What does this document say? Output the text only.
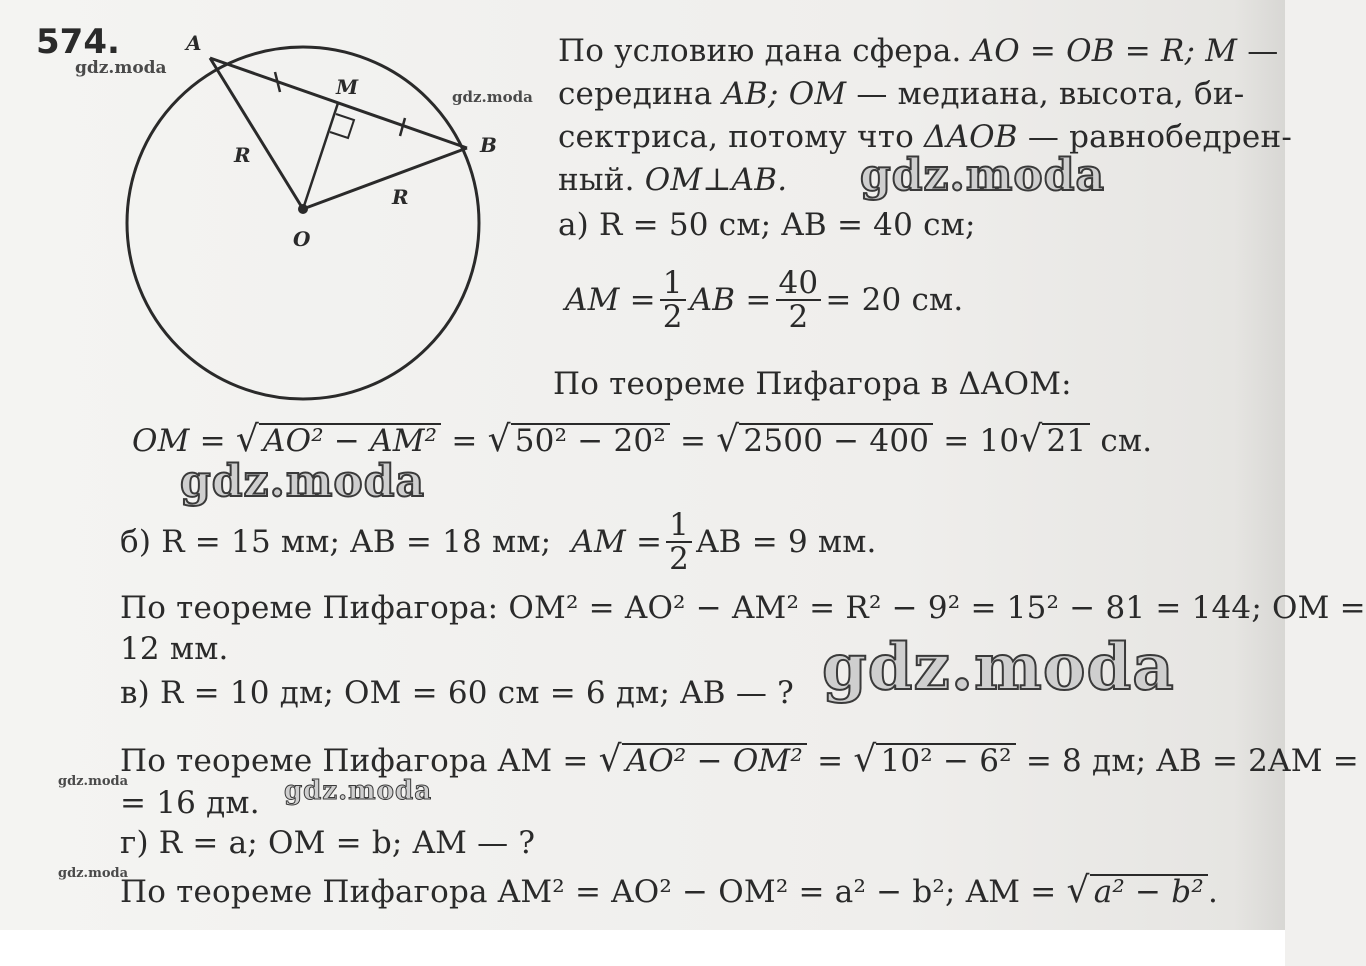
574.	A
B
M
O
R
R
gdz.moda
gdz.moda
gdz.moda
gdz.moda
По условию дана сфера. AO = OB = R; M —
середина AB; OM — медиана, высота, би-
сектриса, потому что ΔAOB — равнобедрен-
ный. OM⊥AB. gdz.moda
а) R = 50 см; AB = 40 см;
AM = $\frac{1}{2}$ AB = $\frac{40}{2} = 20$ см.
По теореме Пифагора в ΔAOM:
OM = √ AO² − AM² = √ 50² − 20² = √ 2500 − 400 = 10√ 21 см.
gdz.moda
б) R = 15 мм; AB = 18 мм;
AM = $\frac{1}{2}$ AB = 9 мм.
По теореме Пифагора: OM² = AO² − AM² = R² − 9² = 15² − 81 = 144; OM =
12 мм.	gdz.moda
в) R = 10 дм; OM = 60 см = 6 дм; AB — ?
По теореме Пифагора AM = √ AO² − OM² = √ 10² − 6² = 8 дм; AB = 2AM =
= 16 дм. gdz.moda
г) R = a; OM = b; AM — ?
По теореме Пифагора AM² = AO² − OM² = a² − b²; AM = √ a² − b² .
